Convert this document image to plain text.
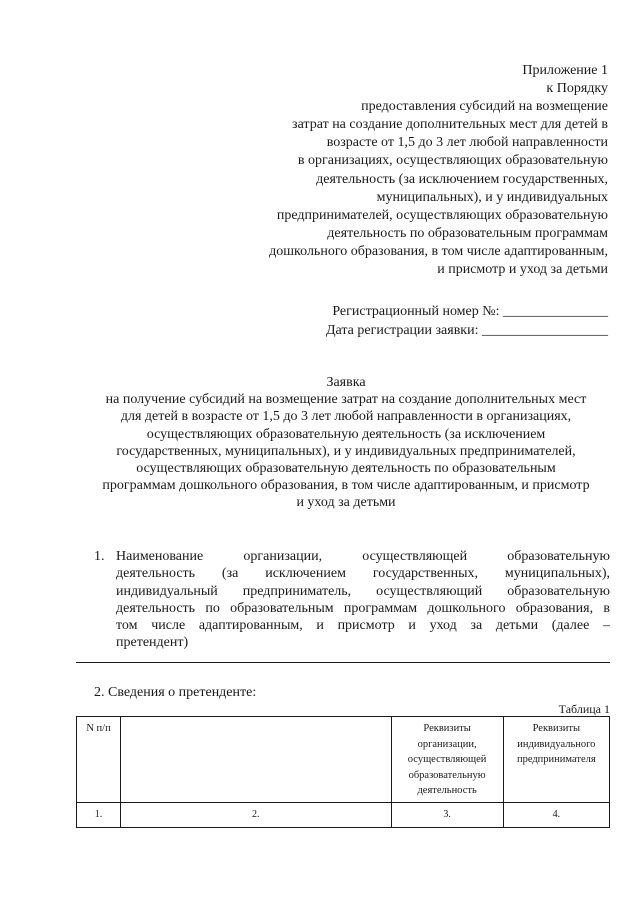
Приложение 1
к Порядку
предоставления субсидий на возмещение
затрат на создание дополнительных мест для детей в
возрасте от 1,5 до 3 лет любой направленности
в организациях, осуществляющих образовательную
деятельность (за исключением государственных,
муниципальных), и у индивидуальных
предпринимателей, осуществляющих образовательную
деятельность по образовательным программам
дошкольного образования, в том числе адаптированным,
и присмотр и уход за детьми
Регистрационный номер №: _______________
Дата регистрации заявки: __________________
Заявка
на получение субсидий на возмещение затрат на создание дополнительных мест
для детей в возрасте от 1,5 до 3 лет любой направленности в организациях,
осуществляющих образовательную деятельность (за исключением
государственных, муниципальных), и у индивидуальных предпринимателей,
осуществляющих образовательную деятельность по образовательным
программам дошкольного образования, в том числе адаптированным, и присмотр
и уход за детьми
1. Наименование организации, осуществляющей образовательную
деятельность (за исключением государственных, муниципальных),
индивидуальный предприниматель, осуществляющий образовательную
деятельность по образовательным программам дошкольного образования, в
том числе адаптированным, и присмотр и уход за детьми (далее –
претендент)
2. Сведения о претенденте:
Таблица 1
N п/п		Реквизиты организации, осуществляющей образовательную деятельность	Реквизиты индивидуального предпринимателя
1.	2.	3.	4.
